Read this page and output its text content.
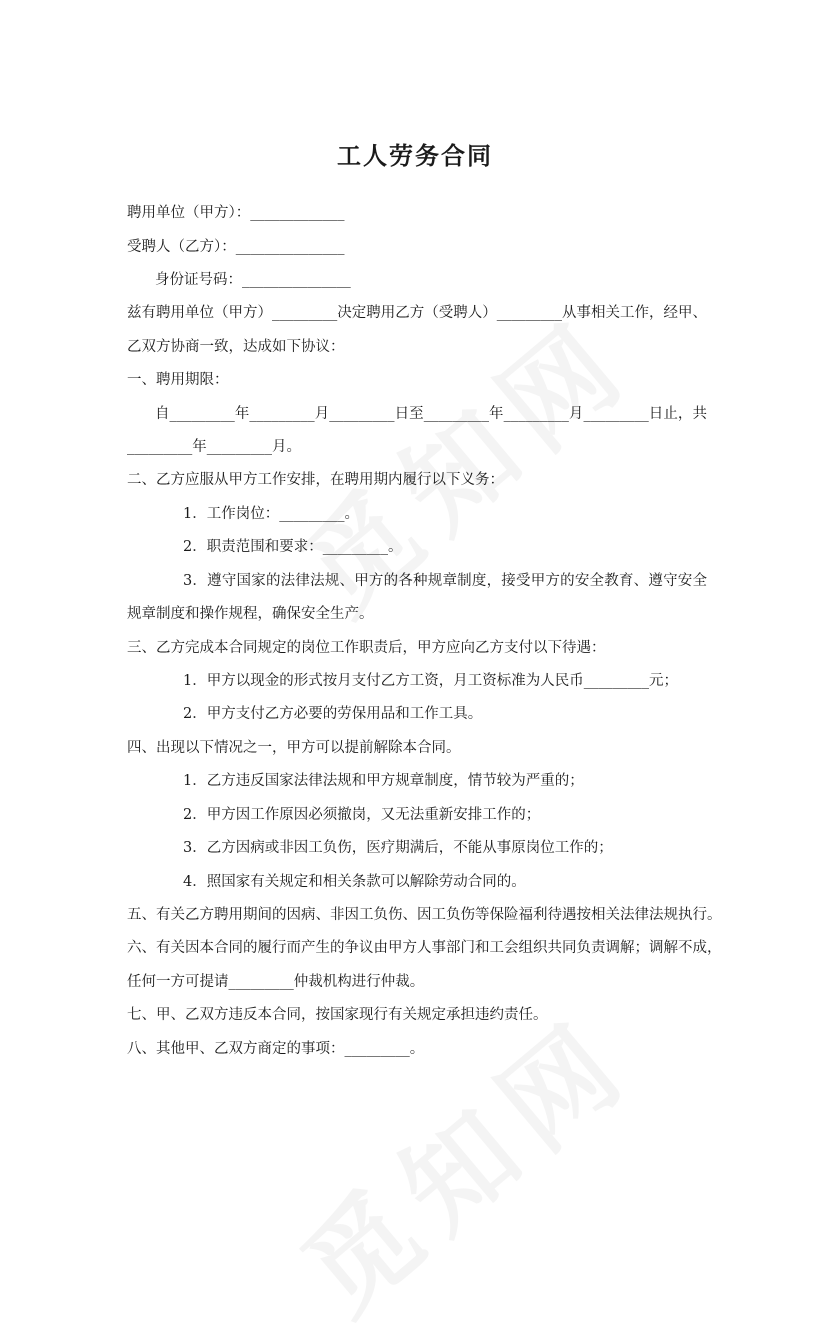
工人劳务合同
聘用单位（甲方）：_____________
受聘人（乙方）：_______________
身份证号码：_______________
兹有聘用单位（甲方）_________决定聘用乙方（受聘人）_________从事相关工作，经甲、
乙双方协商一致，达成如下协议：
一、聘用期限：
自_________年_________月_________日至_________年_________月_________日止，共
_________年_________月。
二、乙方应服从甲方工作安排，在聘用期内履行以下义务：
1．工作岗位：_________。
2．职责范围和要求：_________。
3．遵守国家的法律法规、甲方的各种规章制度，接受甲方的安全教育、遵守安全
规章制度和操作规程，确保安全生产。
三、乙方完成本合同规定的岗位工作职责后，甲方应向乙方支付以下待遇：
1．甲方以现金的形式按月支付乙方工资，月工资标准为人民币_________元；
2．甲方支付乙方必要的劳保用品和工作工具。
四、出现以下情况之一，甲方可以提前解除本合同。
1．乙方违反国家法律法规和甲方规章制度，情节较为严重的；
2．甲方因工作原因必须撤岗，又无法重新安排工作的；
3．乙方因病或非因工负伤，医疗期满后，不能从事原岗位工作的；
4．照国家有关规定和相关条款可以解除劳动合同的。
五、有关乙方聘用期间的因病、非因工负伤、因工负伤等保险福利待遇按相关法律法规执行。
六、有关因本合同的履行而产生的争议由甲方人事部门和工会组织共同负责调解；调解不成，
任何一方可提请_________仲裁机构进行仲裁。
七、甲、乙双方违反本合同，按国家现行有关规定承担违约责任。
八、其他甲、乙双方商定的事项：_________。
